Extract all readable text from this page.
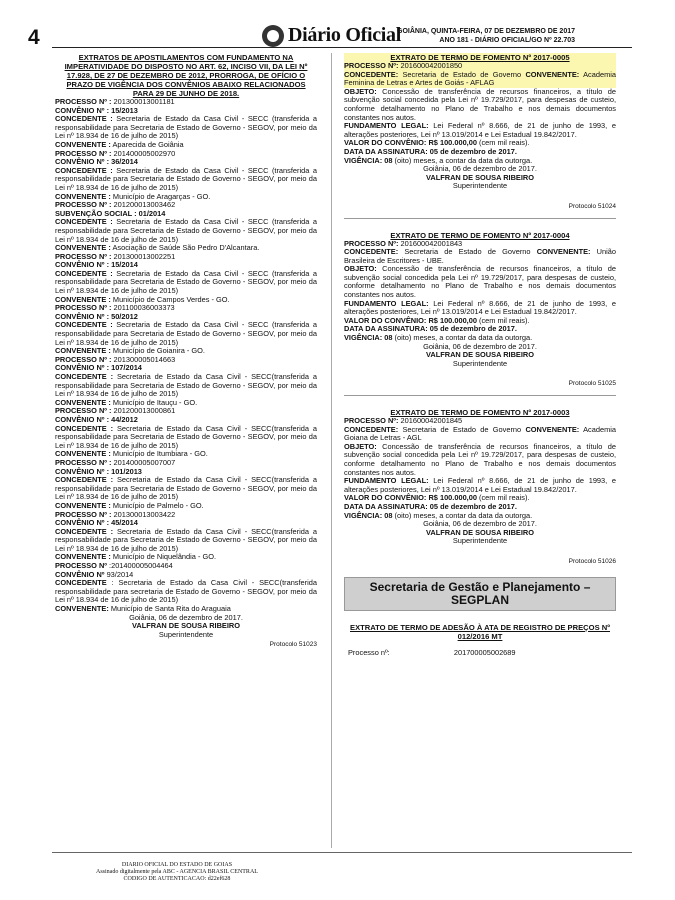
4	Diário Oficial
GOIÂNIA, QUINTA-FEIRA, 07 DE DEZEMBRO DE 2017
ANO 181 - DIÁRIO OFICIAL/GO Nº 22.703

EXTRATOS DE APOSTILAMENTOS COM FUNDAMENTO NA IMPERATIVIDADE DO DISPOSTO NO ART. 62, INCISO VII, DA LEI Nº 17.928, DE 27 DE DEZEMBRO DE 2012, PRORROGA, DE OFÍCIO O PRAZO DE VIGÊNCIA DOS CONVÊNIOS ABAIXO RELACIONADOS PARA 29 DE JUNHO DE 2018.

PROCESSO Nº : 201300013001181

CONVÊNIO Nº : 15/2013

CONCEDENTE : Secretaria de Estado da Casa Civil - SECC (transferida a responsabilidade para Secretaria de Estado de Governo - SEGOV, por meio da Lei nº 18.934 de 16 de julho de 2015)

CONVENENTE : Aparecida de Goiânia

PROCESSO Nº : 201400005002970

CONVÊNIO Nº : 36/2014

CONCEDENTE : Secretaria de Estado da Casa Civil - SECC (transferida a responsabilidade para Secretaria de Estado de Governo - SEGOV, por meio da Lei nº 18.934 de 16 de julho de 2015)

CONVENENTE : Município de Aragarças - GO.

PROCESSO Nº : 201200013003462

SUBVENÇÃO SOCIAL : 01/2014

CONCEDENTE : Secretaria de Estado da Casa Civil - SECC (transferida a responsabilidade para Secretaria de Estado de Governo - SEGOV, por meio da Lei nº 18.934 de 16 de julho de 2015)

CONVENENTE : Asociação de Saúde São Pedro D'Alcantara.

PROCESSO Nº : 201300013002251

CONVÊNIO Nº : 15/2014

CONCEDENTE : Secretaria de Estado da Casa Civil - SECC (transferida a responsabilidade para Secretaria de Estado de Governo - SEGOV, por meio da Lei nº 18.934 de 16 de julho de 2015)

CONVENENTE : Município de Campos Verdes - GO.

PROCESSO Nº : 201100036003373

CONVÊNIO Nº : 50/2012

CONCEDENTE : Secretaria de Estado da Casa Civil - SECC (transferida a responsabilidade para Secretaria de Estado de Governo - SEGOV, por meio da Lei nº 18.934 de 16 de julho de 2015)

CONVENENTE : Município de Goianira - GO.

PROCESSO Nº : 201300005014663

CONVÊNIO Nº : 107/2014

CONCEDENTE : Secretaria de Estado da Casa Civil - SECC(transferida a responsabilidade para Secretaria de Estado de Governo - SEGOV, por meio da Lei nº 18.934 de 16 de julho de 2015)

CONVENENTE : Município de Itauçu - GO.

PROCESSO Nº : 201200013000861

CONVÊNIO Nº : 44/2012

CONCEDENTE : Secretaria de Estado da Casa Civil - SECC(transferida a responsabilidade para Secretaria de Estado de Governo - SEGOV, por meio da Lei nº 18.934 de 16 de julho de 2015)

CONVENENTE : Município de Itumbiara - GO.

PROCESSO Nº : 201400005007007

CONVÊNIO Nº : 101/2013

CONCEDENTE : Secretaria de Estado da Casa Civil - SECC(transferida a responsabilidade para Secretaria de Estado de Governo - SEGOV, por meio da Lei nº 18.934 de 16 de julho de 2015)

CONVENENTE : Município de Palmelo - GO.

PROCESSO Nº : 201300013003422

CONVÊNIO Nº : 45/2014

CONCEDENTE : Secretaria de Estado da Casa Civil - SECC(transferida a responsabilidade para Secretaria de Estado de Governo - SEGOV, por meio da Lei nº 18.934 de 16 de julho de 2015)

CONVENENTE : Município de Niquelândia - GO.

PROCESSO Nº :201400005004464

CONVÊNIO Nº 93/2014

CONCEDENTE : Secretaria de Estado da Casa Civil - SECC(transferida responsabilidade para secretaria de Estado de Governo - SEGOV, por meio da Lei nº 18.934 de 16 de julho de 2015)

CONVENENTE: Município de Santa Rita do Araguaia

Goiânia, 06 de dezembro de 2017.

VALFRAN DE SOUSA RIBEIRO

Superintendente

Protocolo 51023

EXTRATO DE TERMO DE FOMENTO Nº 2017-0005

PROCESSO Nº: 201600042001850

CONCEDENTE: Secretaria de Estado de Governo CONVENENTE: Academia Feminina de Letras e Artes de Goiás - AFLAG

OBJETO: Concessão de transferência de recursos financeiros, a título de subvenção social concedida pela Lei nº 19.729/2017, para despesas de custeio, conforme detalhamento no Plano de Trabalho e nos demais documentos constantes nos autos.

FUNDAMENTO LEGAL: Lei Federal nº 8.666, de 21 de junho de 1993, e alterações posteriores, Lei nº 13.019/2014 e Lei Estadual 19.842/2017.

VALOR DO CONVÊNIO: R$ 100.000,00 (cem mil reais).

DATA DA ASSINATURA: 05 de dezembro de 2017.

VIGÊNCIA: 08 (oito) meses, a contar da data da outorga.

Goiânia, 06 de dezembro de 2017.

VALFRAN DE SOUSA RIBEIRO

Superintendente

Protocolo 51024

EXTRATO DE TERMO DE FOMENTO Nº 2017-0004

PROCESSO Nº: 201600042001843

CONCEDENTE: Secretaria de Estado de Governo CONVENENTE: União Brasileira de Escritores - UBE.

OBJETO: Concessão de transferência de recursos financeiros, a título de subvenção social concedida pela Lei nº 19.729/2017, para despesas de custeio, conforme detalhamento no Plano de Trabalho e nos demais documentos constantes nos autos.

FUNDAMENTO LEGAL: Lei Federal nº 8.666, de 21 de junho de 1993, e alterações posteriores, Lei nº 13.019/2014 e Lei Estadual 19.842/2017.

VALOR DO CONVÊNIO: R$ 100.000,00 (cem mil reais).

DATA DA ASSINATURA: 05 de dezembro de 2017.

VIGÊNCIA: 08 (oito) meses, a contar da data da outorga.

Goiânia, 06 de dezembro de 2017.

VALFRAN DE SOUSA RIBEIRO

Superintendente

Protocolo 51025

EXTRATO DE TERMO DE FOMENTO Nº 2017-0003

PROCESSO Nº: 201600042001845

CONCEDENTE: Secretaria de Estado de Governo CONVENENTE: Academia Goiana de Letras - AGL

OBJETO: Concessão de transferência de recursos financeiros, a título de subvenção social concedida pela Lei nº 19.729/2017, para despesas de custeio, conforme detalhamento no Plano de Trabalho e nos demais documentos constantes nos autos.

FUNDAMENTO LEGAL: Lei Federal nº 8.666, de 21 de junho de 1993, e alterações posteriores, Lei nº 13.019/2014 e Lei Estadual 19.842/2017.

VALOR DO CONVÊNIO: R$ 100.000,00 (cem mil reais).

DATA DA ASSINATURA: 05 de dezembro de 2017.

VIGÊNCIA: 08 (oito) meses, a contar da data da outorga.

Goiânia, 06 de dezembro de 2017.

VALFRAN DE SOUSA RIBEIRO

Superintendente

Protocolo 51026

Secretaria de Gestão e Planejamento – SEGPLAN

EXTRATO DE TERMO DE ADESÃO À ATA DE REGISTRO DE PREÇOS Nº 012/2016 MT

Processo nº:	201700005002689

DIARIO OFICIAL DO ESTADO DE GOIAS
Assinado digitalmente pela ABC - AGENCIA BRASIL CENTRAL
CODIGO DE AUTENTICACAO: d22ef628
